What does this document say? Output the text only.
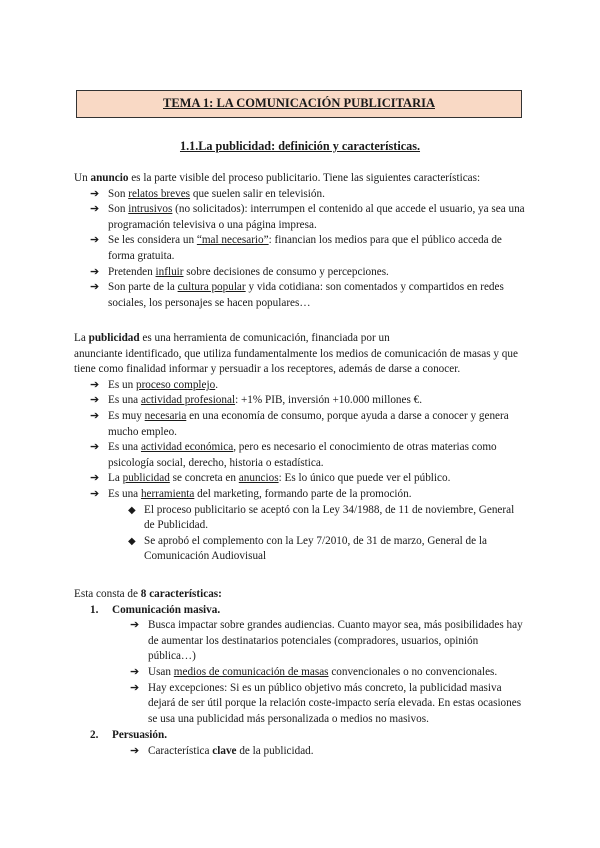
TEMA 1: LA COMUNICACIÓN PUBLICITARIA
1.1.La publicidad: definición y características.

Un anuncio es la parte visible del proceso publicitario. Tiene las siguientes características:

➔ Son relatos breves que suelen salir en televisión.
➔ Son intrusivos (no solicitados): interrumpen el contenido al que accede el usuario, ya sea una programación televisiva o una página impresa.
➔ Se les considera un “mal necesario”: financian los medios para que el público acceda de forma gratuita.
➔ Pretenden influir sobre decisiones de consumo y percepciones.
➔ Son parte de la cultura popular y vida cotidiana: son comentados y compartidos en redes sociales, los personajes se hacen populares…

La publicidad es una herramienta de comunicación, financiada por un

anunciante identificado, que utiliza fundamentalmente los medios de comunicación de masas y que tiene como finalidad informar y persuadir a los receptores, además de darse a conocer.

➔ Es un proceso complejo.
➔ Es una actividad profesional: +1% PIB, inversión +10.000 millones €.
➔ Es muy necesaria en una economía de consumo, porque ayuda a darse a conocer y genera mucho empleo.
➔ Es una actividad económica, pero es necesario el conocimiento de otras materias como psicología social, derecho, historia o estadística.
➔ La publicidad se concreta en anuncios: Es lo único que puede ver el público.
➔ Es una herramienta del marketing, formando parte de la promoción.
◆ El proceso publicitario se aceptó con la Ley 34/1988, de 11 de noviembre, General de Publicidad.
◆ Se aprobó el complemento con la Ley 7/2010, de 31 de marzo, General de la Comunicación Audiovisual

Esta consta de 8 características:

1.	Comunicación masiva.
➔ Busca impactar sobre grandes audiencias. Cuanto mayor sea, más posibilidades hay de aumentar los destinatarios potenciales (compradores, usuarios, opinión pública…)
➔ Usan medios de comunicación de masas convencionales o no convencionales.
➔ Hay excepciones: Si es un público objetivo más concreto, la publicidad masiva dejará de ser útil porque la relación coste-impacto sería elevada. En estas ocasiones se usa una publicidad más personalizada o medios no masivos.
2.	Persuasión.
➔ Característica clave de la publicidad.
